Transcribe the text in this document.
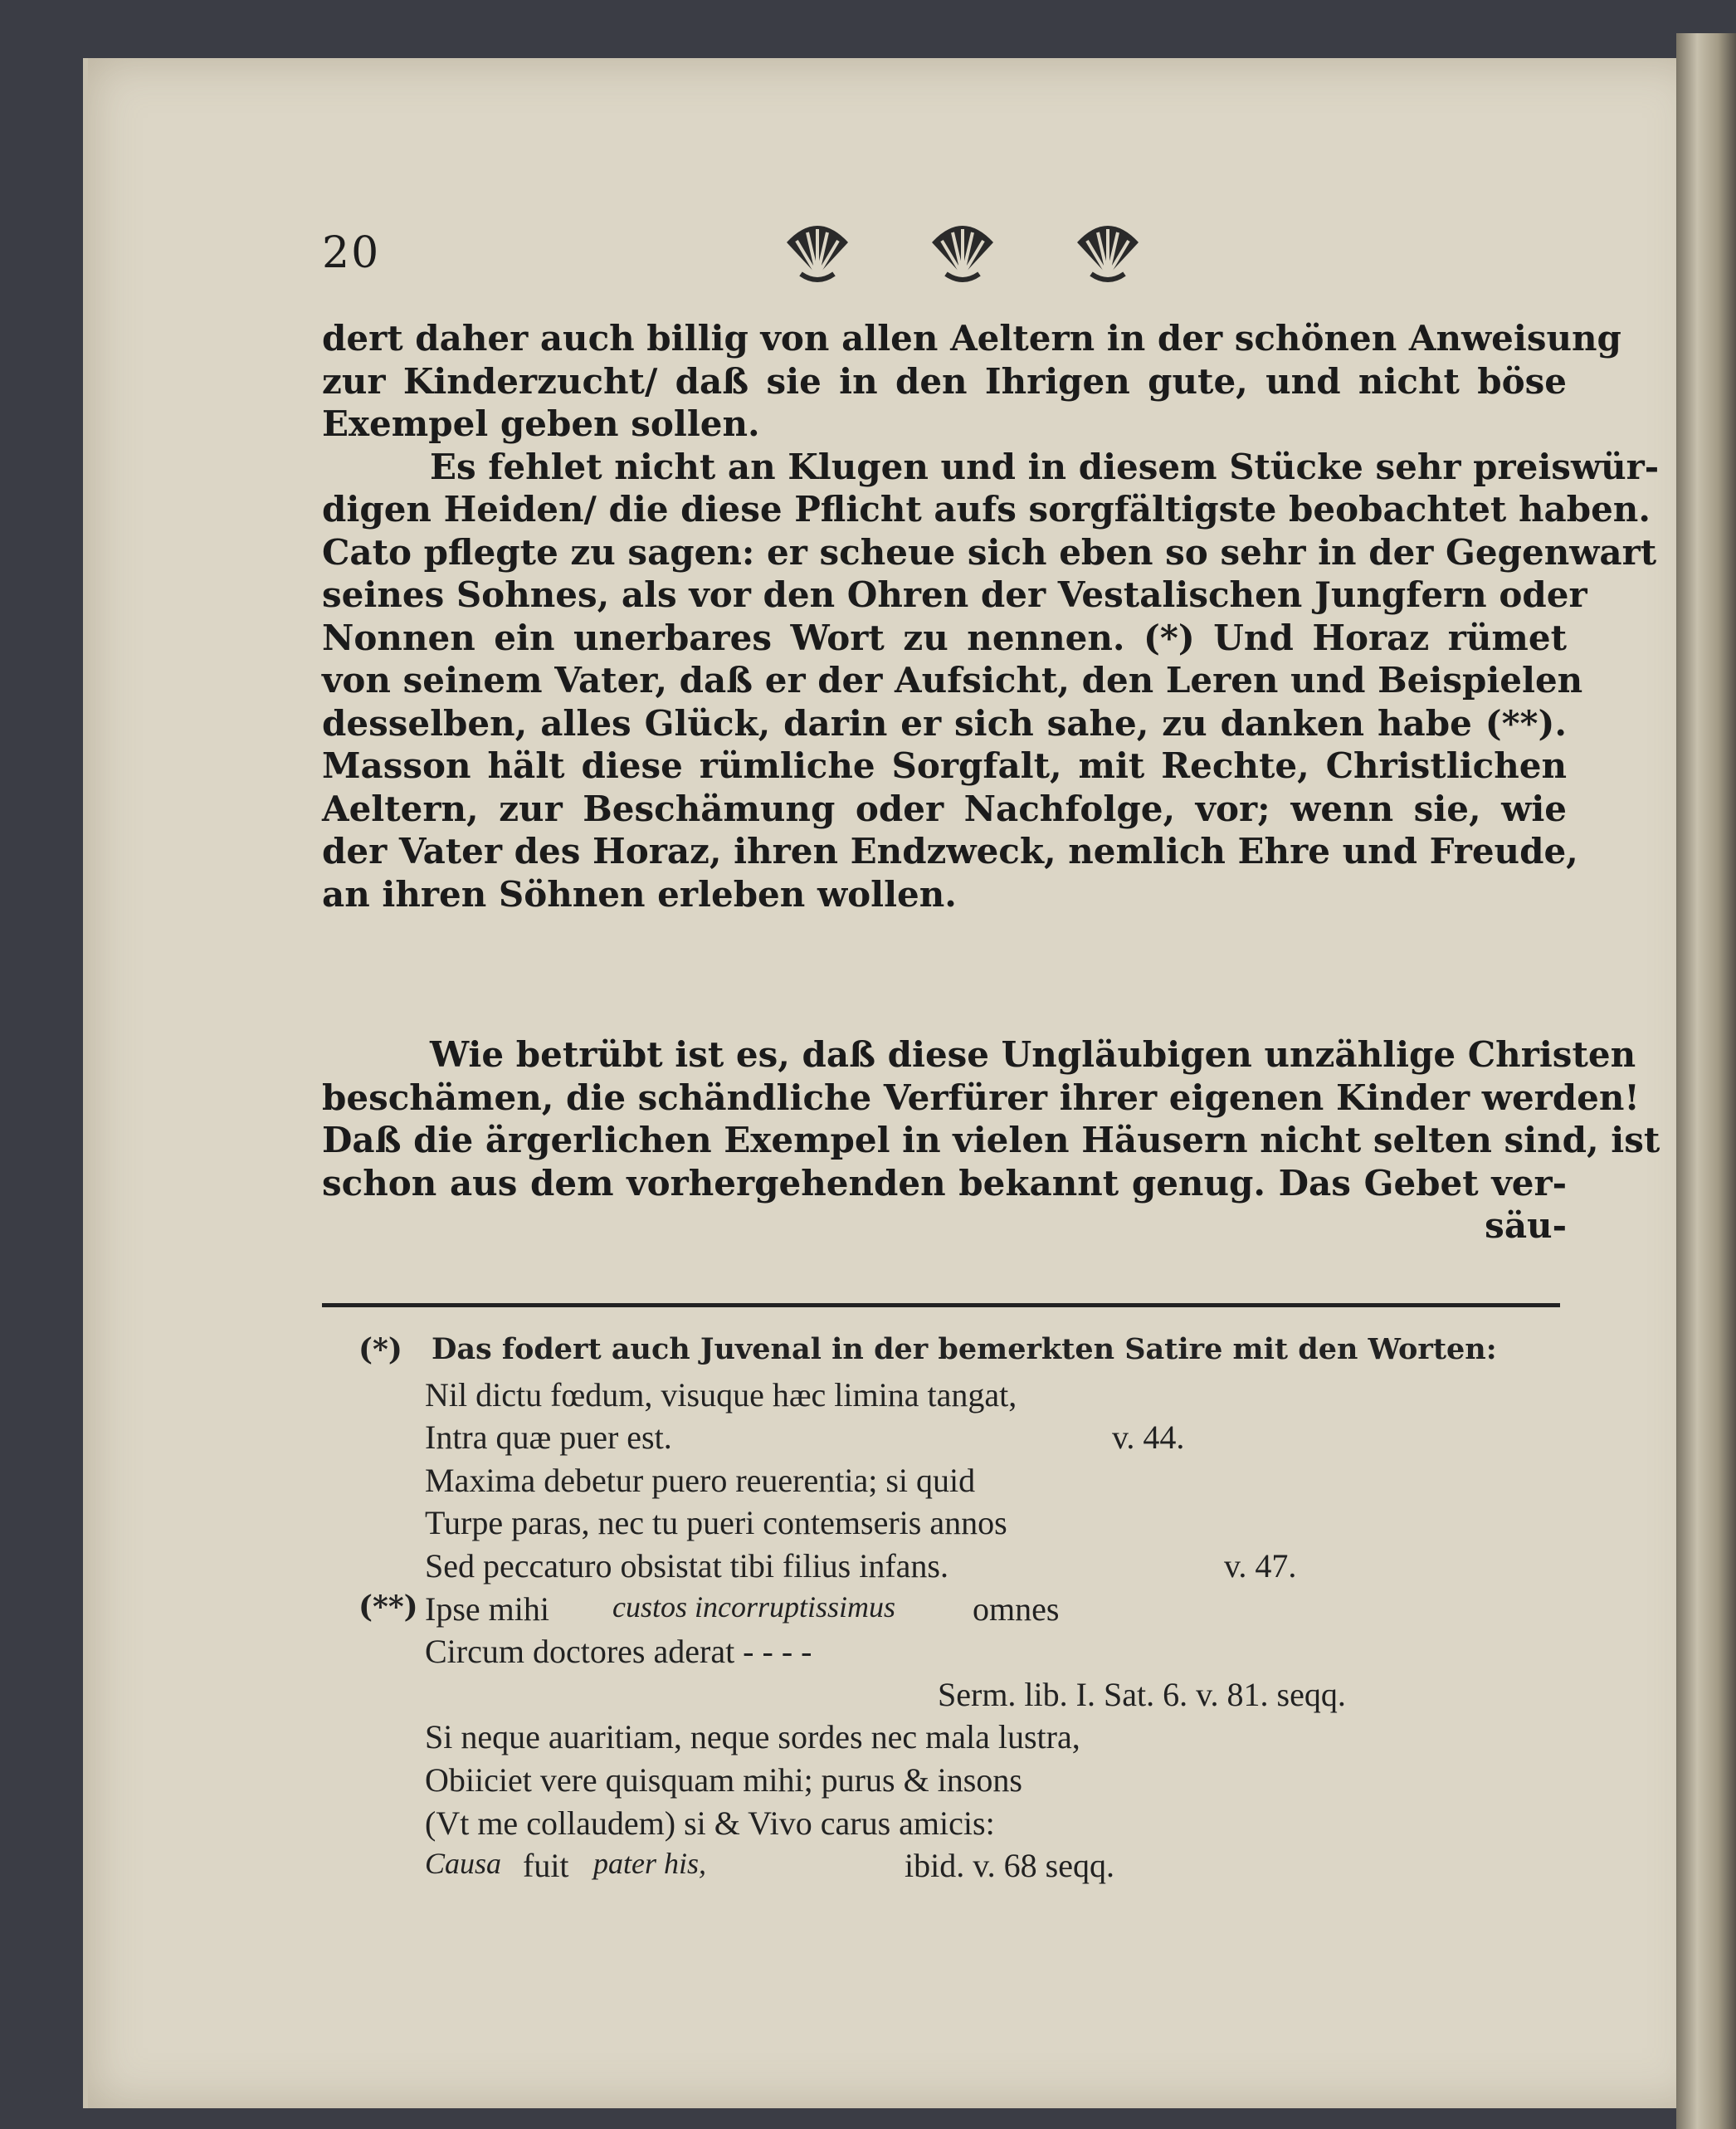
20
dert daher auch billig von allen Aeltern in der schönen Anweisung
zur Kinderzucht/ daß sie in den Ihrigen gute, und nicht böse
Exempel geben sollen.
Es fehlet nicht an Klugen und in diesem Stücke sehr preiswür-
digen Heiden/ die diese Pflicht aufs sorgfältigste beobachtet haben.
Cato pflegte zu sagen: er scheue sich eben so sehr in der Gegenwart
seines Sohnes, als vor den Ohren der Vestalischen Jungfern oder
Nonnen ein unerbares Wort zu nennen. (*) Und Horaz rümet
von seinem Vater, daß er der Aufsicht, den Leren und Beispielen
desselben, alles Glück, darin er sich sahe, zu danken habe (**).
Masson hält diese rümliche Sorgfalt, mit Rechte, Christlichen
Aeltern, zur Beschämung oder Nachfolge, vor; wenn sie, wie
der Vater des Horaz, ihren Endzweck, nemlich Ehre und Freude,
an ihren Söhnen erleben wollen.
Wie betrübt ist es, daß diese Ungläubigen unzählige Christen
beschämen, die schändliche Verfürer ihrer eigenen Kinder werden!
Daß die ärgerlichen Exempel in vielen Häusern nicht selten sind, ist
schon aus dem vorhergehenden bekannt genug. Das Gebet ver-
säu-
(*) Das fodert auch Juvenal in der bemerkten Satire mit den Worten:
Nil dictu fœdum, visuque hæc limina tangat,
Intra quæ puer est.	v. 44.
Maxima debetur puero reuerentia; si quid
Turpe paras, nec tu pueri contemseris annos
Sed peccaturo obsistat tibi filius infans.	v. 47.
(**) Ipse mihi custos incorruptissimus omnes
Circum doctores aderat - - - -
Serm. lib. I. Sat. 6. v. 81. seqq.
Si neque auaritiam, neque sordes nec mala lustra,
Obiiciet vere quisquam mihi; purus & insons
(Vt me collaudem) si & Vivo carus amicis:
Causa fuit pater his,	ibid. v. 68 seqq.
